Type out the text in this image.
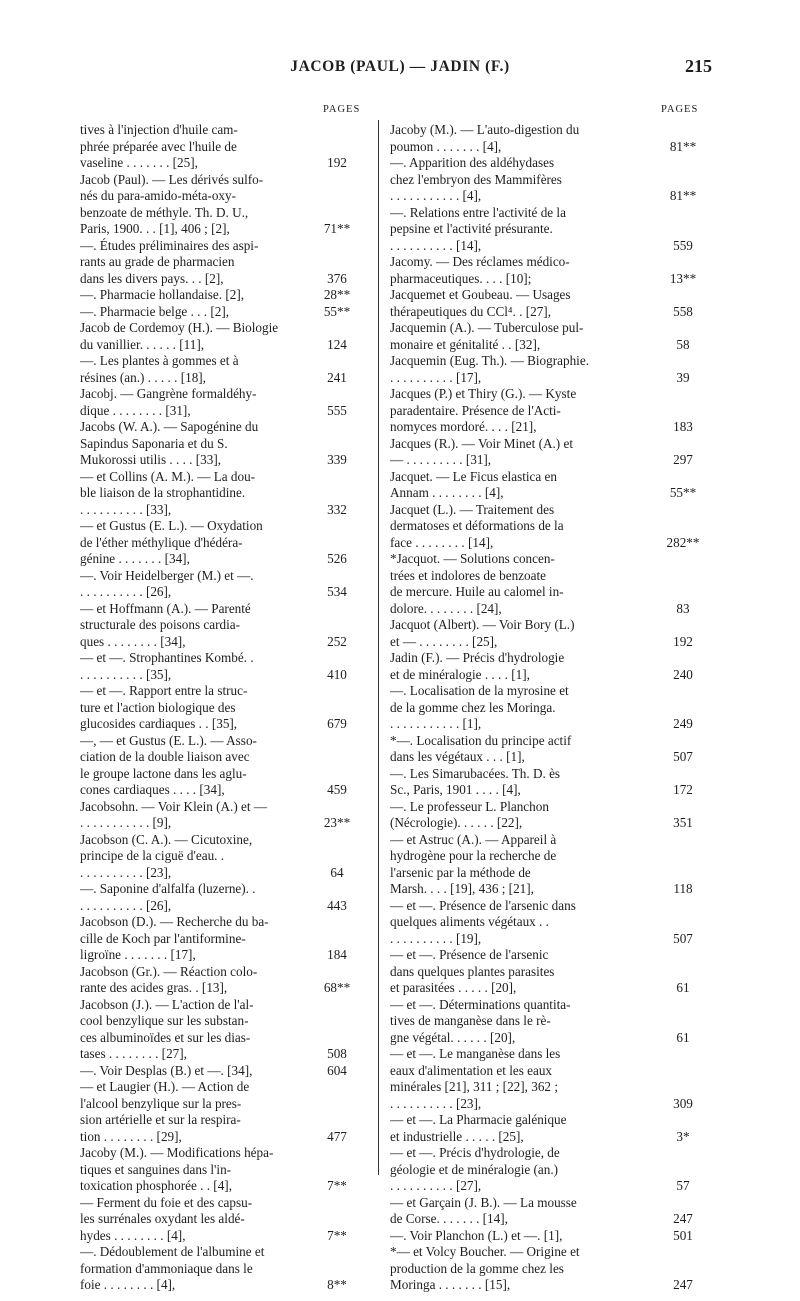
JACOB (PAUL) — JADIN (F.)	215
PAGES	PAGES
tives à l'injection d'huile cam-
phrée préparée avec l'huile de
vaseline . . . . . . . [25],	192
Jacob (Paul). — Les dérivés sulfo-
nés du para-amido-méta-oxy-
benzoate de méthyle. Th. D. U.,
Paris, 1900. . . [1], 406 ; [2],	71**
—. Études préliminaires des aspi-
rants au grade de pharmacien
dans les divers pays. . . [2],	376
—. Pharmacie hollandaise. [2],	28**
—. Pharmacie belge . . . [2],	55**
Jacob de Cordemoy (H.). — Biologie
du vanillier. . . . . . [11],	124
—. Les plantes à gommes et à
résines (an.) . . . . . [18],	241
Jacobj. — Gangrène formaldéhy-
dique . . . . . . . . [31],	555
Jacobs (W. A.). — Sapogénine du
Sapindus Saponaria et du S.
Mukorossi utilis . . . . [33],	339
— et Collins (A. M.). — La dou-
ble liaison de la strophantidine.
. . . . . . . . . . [33],	332
— et Gustus (E. L.). — Oxydation
de l'éther méthylique d'hédéra-
génine . . . . . . . [34],	526
—. Voir Heidelberger (M.) et —.
. . . . . . . . . . [26],	534
— et Hoffmann (A.). — Parenté
structurale des poisons cardia-
ques . . . . . . . . [34],	252
— et —. Strophantines Kombé. .
. . . . . . . . . . [35],	410
— et —. Rapport entre la struc-
ture et l'action biologique des
glucosides cardiaques . . [35],	679
—, — et Gustus (E. L.). — Asso-
ciation de la double liaison avec
le groupe lactone dans les aglu-
cones cardiaques . . . . [34],	459
Jacobsohn. — Voir Klein (A.) et —
. . . . . . . . . . . [9],	23**
Jacobson (C. A.). — Cicutoxine,
principe de la ciguë d'eau. .
. . . . . . . . . . [23],	64
—. Saponine d'alfalfa (luzerne). .
. . . . . . . . . . [26],	443
Jacobson (D.). — Recherche du ba-
cille de Koch par l'antiformine-
ligroïne . . . . . . . [17],	184
Jacobson (Gr.). — Réaction colo-
rante des acides gras. . [13],	68**
Jacobson (J.). — L'action de l'al-
cool benzylique sur les substan-
ces albuminoïdes et sur les dias-
tases . . . . . . . . [27],	508
—. Voir Desplas (B.) et —. [34],	604
— et Laugier (H.). — Action de
l'alcool benzylique sur la pres-
sion artérielle et sur la respira-
tion . . . . . . . . [29],	477
Jacoby (M.). — Modifications hépa-
tiques et sanguines dans l'in-
toxication phosphorée . . [4],	7**
— Ferment du foie et des capsu-
les surrénales oxydant les aldé-
hydes . . . . . . . . [4],	7**
—. Dédoublement de l'albumine et
formation d'ammoniaque dans le
foie . . . . . . . . [4],	8**
Jacoby (M.). — L'auto-digestion du
poumon . . . . . . . [4],	81**
—. Apparition des aldéhydases
chez l'embryon des Mammifères
. . . . . . . . . . . [4],	81**
—. Relations entre l'activité de la
pepsine et l'activité présurante.
. . . . . . . . . . [14],	559
Jacomy. — Des réclames médico-
pharmaceutiques. . . . [10];	13**
Jacquemet et Goubeau. — Usages
thérapeutiques du CCl⁴. . [27],	558
Jacquemin (A.). — Tuberculose pul-
monaire et génitalité . . [32],	58
Jacquemin (Eug. Th.). — Biographie.
. . . . . . . . . . [17],	39
Jacques (P.) et Thiry (G.). — Kyste
paradentaire. Présence de l'Acti-
nomyces mordoré. . . . [21],	183
Jacques (R.). — Voir Minet (A.) et
— . . . . . . . . . [31],	297
Jacquet. — Le Ficus elastica en
Annam . . . . . . . . [4],	55**
Jacquet (L.). — Traitement des
dermatoses et déformations de la
face . . . . . . . . [14],	282**
*Jacquot. — Solutions concen-
trées et indolores de benzoate
de mercure. Huile au calomel in-
dolore. . . . . . . . [24],	83
Jacquot (Albert). — Voir Bory (L.)
et — . . . . . . . . [25],	192
Jadin (F.). — Précis d'hydrologie
et de minéralogie . . . . [1],	240
—. Localisation de la myrosine et
de la gomme chez les Moringa.
. . . . . . . . . . . [1],	249
*—. Localisation du principe actif
dans les végétaux . . . [1],	507
—. Les Simarubacées. Th. D. ès
Sc., Paris, 1901 . . . . [4],	172
—. Le professeur L. Planchon
(Nécrologie). . . . . . [22],	351
— et Astruc (A.). — Appareil à
hydrogène pour la recherche de
l'arsenic par la méthode de
Marsh. . . . [19], 436 ; [21],	118
— et —. Présence de l'arsenic dans
quelques aliments végétaux . .
. . . . . . . . . . [19],	507
— et —. Présence de l'arsenic
dans quelques plantes parasites
et parasitées . . . . . [20],	61
— et —. Déterminations quantita-
tives de manganèse dans le rè-
gne végétal. . . . . . [20],	61
— et —. Le manganèse dans les
eaux d'alimentation et les eaux
minérales [21], 311 ; [22], 362 ;
. . . . . . . . . . [23],	309
— et —. La Pharmacie galénique
et industrielle . . . . . [25],	3*
— et —. Précis d'hydrologie, de
géologie et de minéralogie (an.)
. . . . . . . . . . [27],	57
— et Garçain (J. B.). — La mousse
de Corse. . . . . . . [14],	247
—. Voir Planchon (L.) et —. [1],	501
*— et Volcy Boucher. — Origine et
production de la gomme chez les
Moringa . . . . . . . [15],	247
